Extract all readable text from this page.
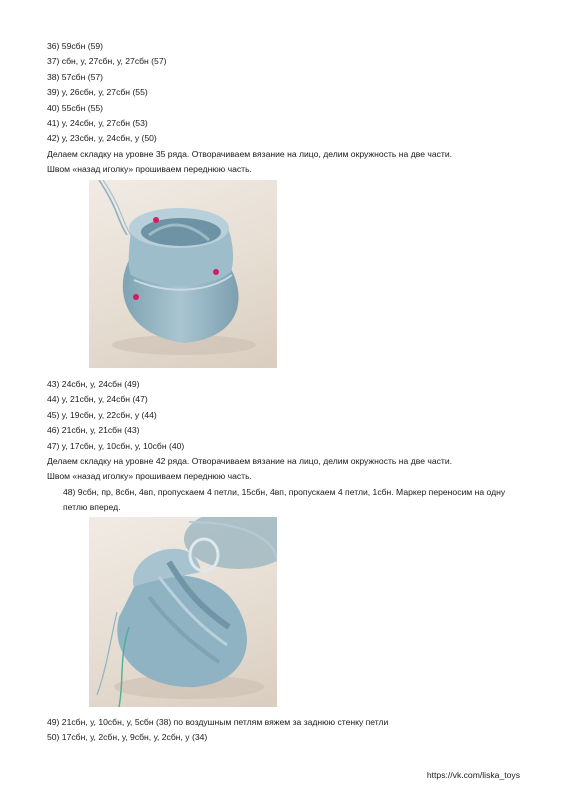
36) 59сбн (59)
37) сбн, у, 27сбн, у, 27сбн (57)
38) 57сбн (57)
39) у, 26сбн, у, 27сбн (55)
40) 55сбн (55)
41) у, 24сбн, у, 27сбн (53)
42) у, 23сбн, у, 24сбн, у (50)
Делаем складку на уровне 35 ряда. Отворачиваем вязание на лицо, делим окружность на две части.
Швом «назад иголку» прошиваем переднюю часть.
43) 24сбн, у, 24сбн (49)
44) у, 21сбн, у, 24сбн (47)
45) у, 19сбн, у, 22сбн, у (44)
46) 21сбн, у, 21сбн (43)
47) у, 17сбн, у, 10сбн, у, 10сбн (40)
Делаем складку на уровне 42 ряда. Отворачиваем вязание на лицо, делим окружность на две части.
Швом «назад иголку» прошиваем переднюю часть.
48) 9сбн, пр, 8сбн, 4вп, пропускаем 4 петли, 15сбн, 4вп, пропускаем 4 петли, 1сбн. Маркер переносим на одну петлю вперед.
49) 21сбн, у, 10сбн, у, 5сбн (38) по воздушным петлям вяжем за заднюю стенку петли
50) 17сбн, у, 2сбн, у, 9сбн, у, 2сбн, у (34)
https://vk.com/liska_toys
